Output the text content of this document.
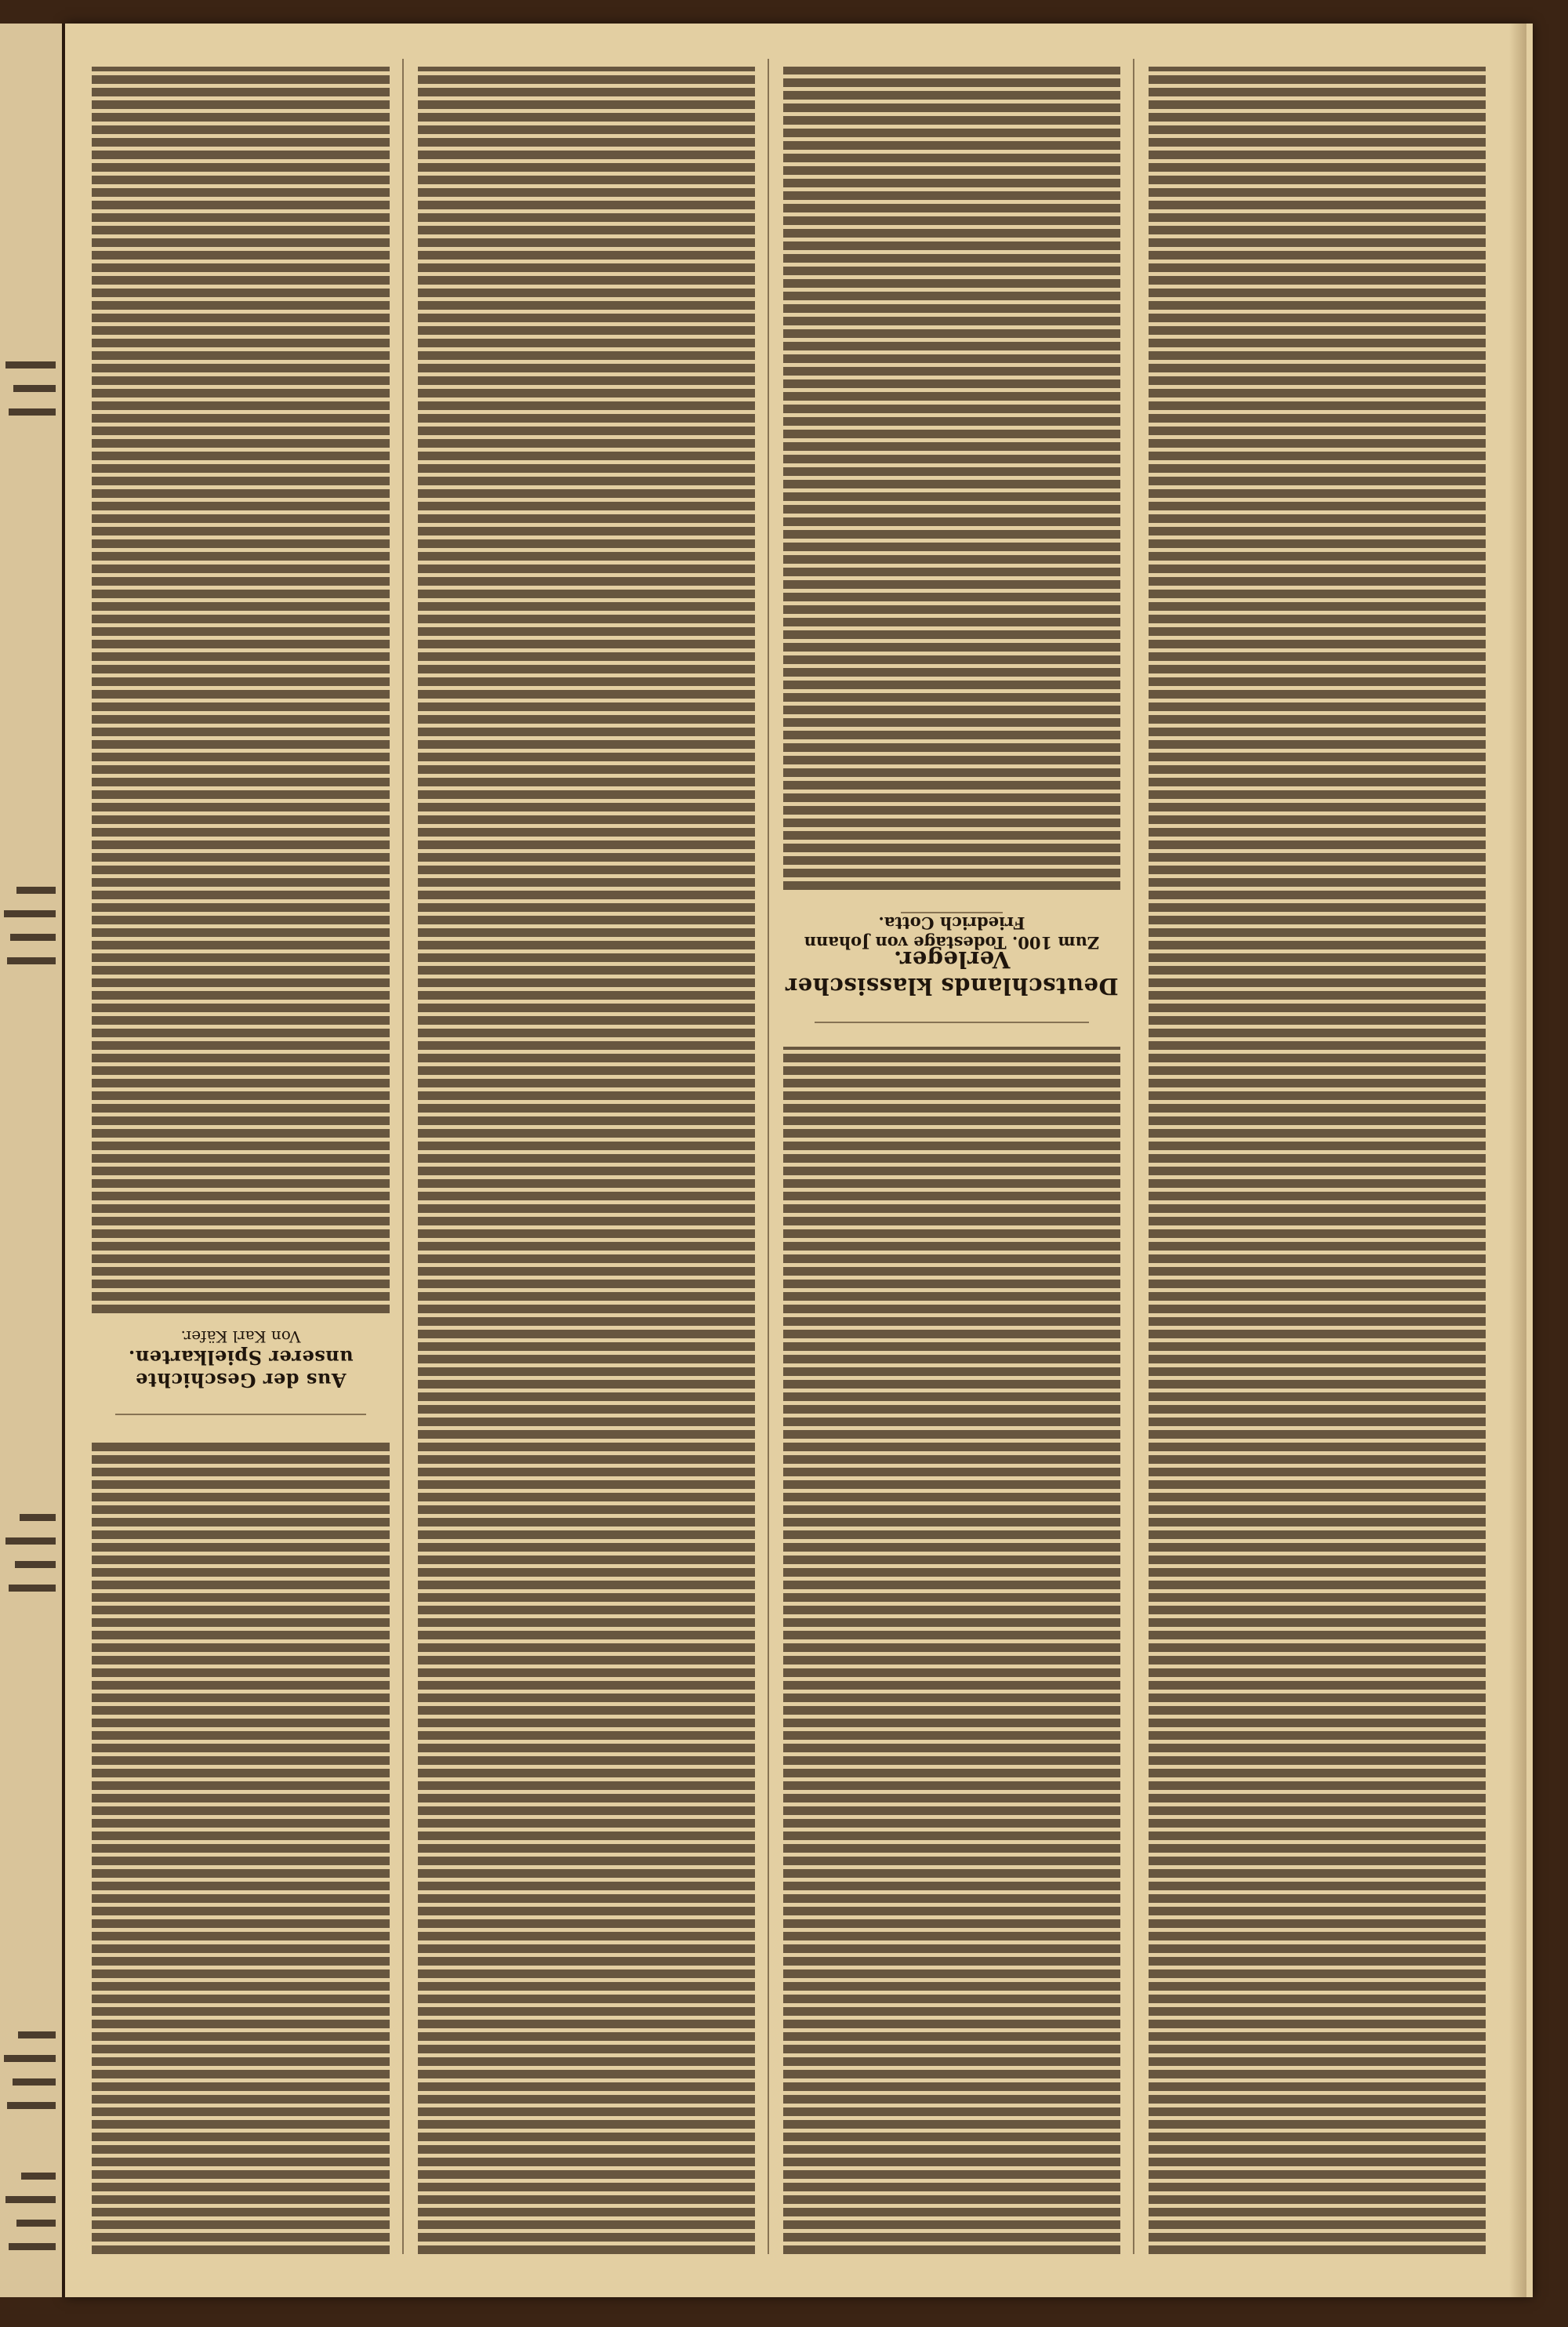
Deutschlands klassischer Verleger.
Zum 100. Todestage von Johann Friedrich Cotta.
Aus der Geschichte unserer Spielkarten.
Von Karl Käfer.
